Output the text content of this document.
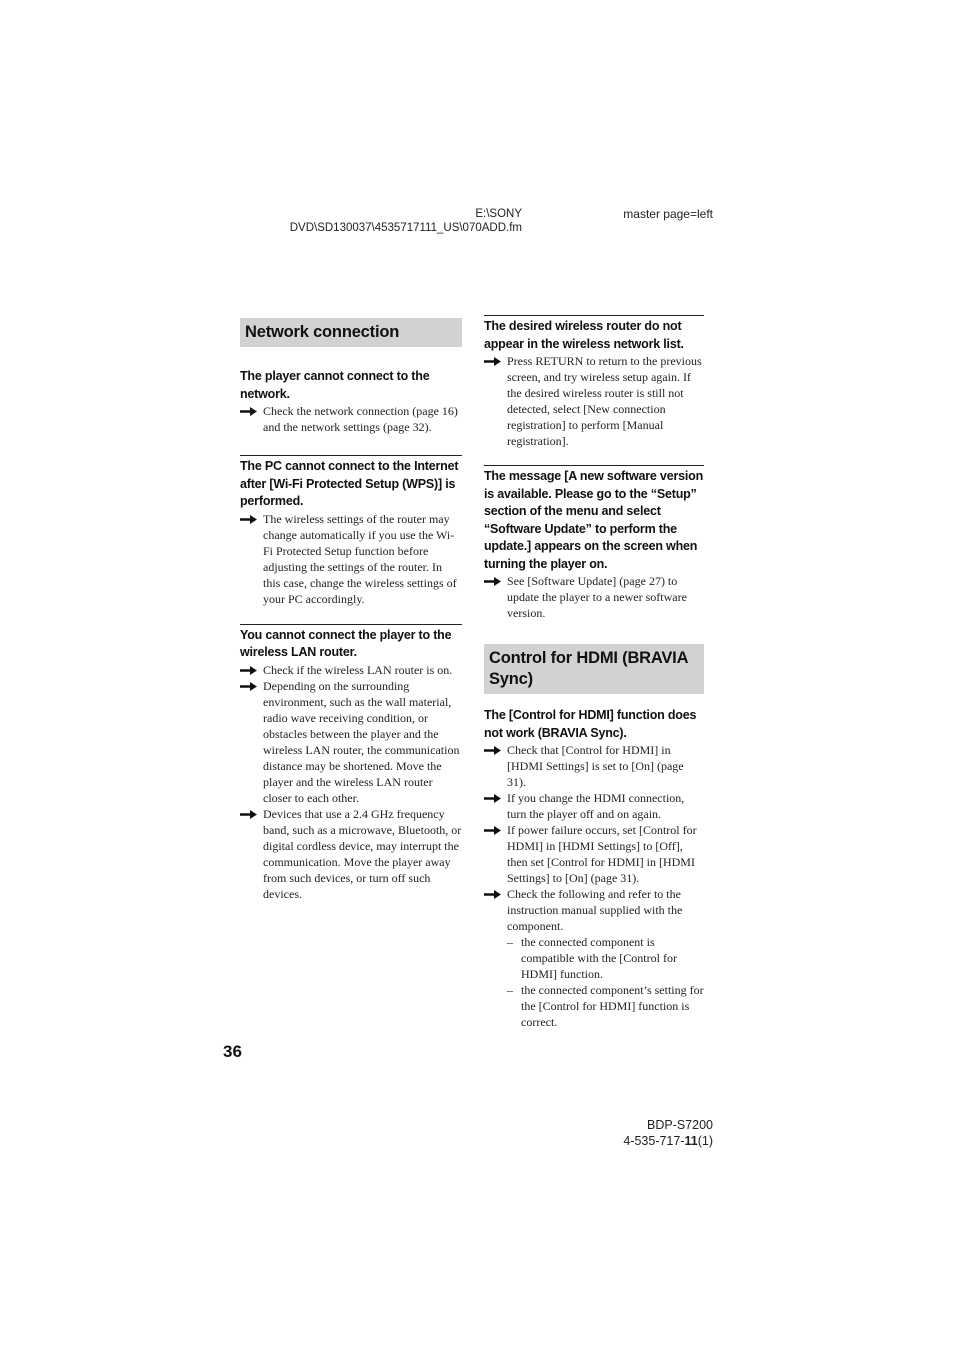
E:\SONY
DVD\SD130037\4535717111_US\070ADD.fm
master page=left
Network connection
The player cannot connect to the network.
Check the network connection (page 16) and the network settings (page 32).
The PC cannot connect to the Internet after [Wi-Fi Protected Setup (WPS)] is performed.
The wireless settings of the router may change automatically if you use the Wi-Fi Protected Setup function before adjusting the settings of the router. In this case, change the wireless settings of your PC accordingly.
You cannot connect the player to the wireless LAN router.
Check if the wireless LAN router is on.
Depending on the surrounding environment, such as the wall material, radio wave receiving condition, or obstacles between the player and the wireless LAN router, the communication distance may be shortened. Move the player and the wireless LAN router closer to each other.
Devices that use a 2.4 GHz frequency band, such as a microwave, Bluetooth, or digital cordless device, may interrupt the communication. Move the player away from such devices, or turn off such devices.
The desired wireless router do not appear in the wireless network list.
Press RETURN to return to the previous screen, and try wireless setup again. If the desired wireless router is still not detected, select [New connection registration] to perform [Manual registration].
The message [A new software version is available. Please go to the “Setup” section of the menu and select “Software Update” to perform the update.] appears on the screen when turning the player on.
See [Software Update] (page 27) to update the player to a newer software version.
Control for HDMI (BRAVIA Sync)
The [Control for HDMI] function does not work (BRAVIA Sync).
Check that [Control for HDMI] in [HDMI Settings] is set to [On] (page 31).
If you change the HDMI connection, turn the player off and on again.
If power failure occurs, set [Control for HDMI] in [HDMI Settings] to [Off], then set [Control for HDMI] in [HDMI Settings] to [On] (page 31).
Check the following and refer to the instruction manual supplied with the component.
– the connected component is compatible with the [Control for HDMI] function.
– the connected component’s setting for the [Control for HDMI] function is correct.
36
BDP-S7200
4-535-717-11(1)
